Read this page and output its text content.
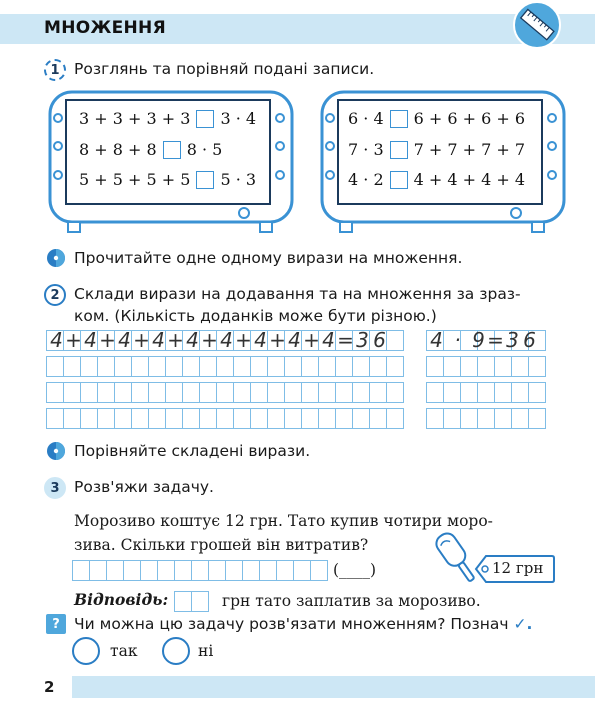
МНОЖЕННЯ
1 Розглянь та порівняй подані записи.
3 + 3 + 3 + 3 3 · 4
8 + 8 + 8 8 · 5
5 + 5 + 5 + 5 5 · 3
6 · 4 6 + 6 + 6 + 6
7 · 3 7 + 7 + 7 + 7
4 · 2 4 + 4 + 4 + 4
Прочитайте одне одному вирази на множення.
2 Склади вирази на додавання та на множення за зраз-
ком. (Кількість доданків може бути різною.)
4 + 4 + 4 + 4 + 4 + 4 + 4 + 4 + 4 = 3 6 4 · 9 = 3 6
Порівняйте складені вирази.
3 Розв'яжи задачу.
Морозиво коштує 12 грн. Тато купив чотири моро-
зива. Скільки грошей він витратив?
(____)	12 грн
Відповідь:	грн тато заплатив за морозиво.
? Чи можна цю задачу розв'язати множенням? Познач ✓.
так	ні
2
